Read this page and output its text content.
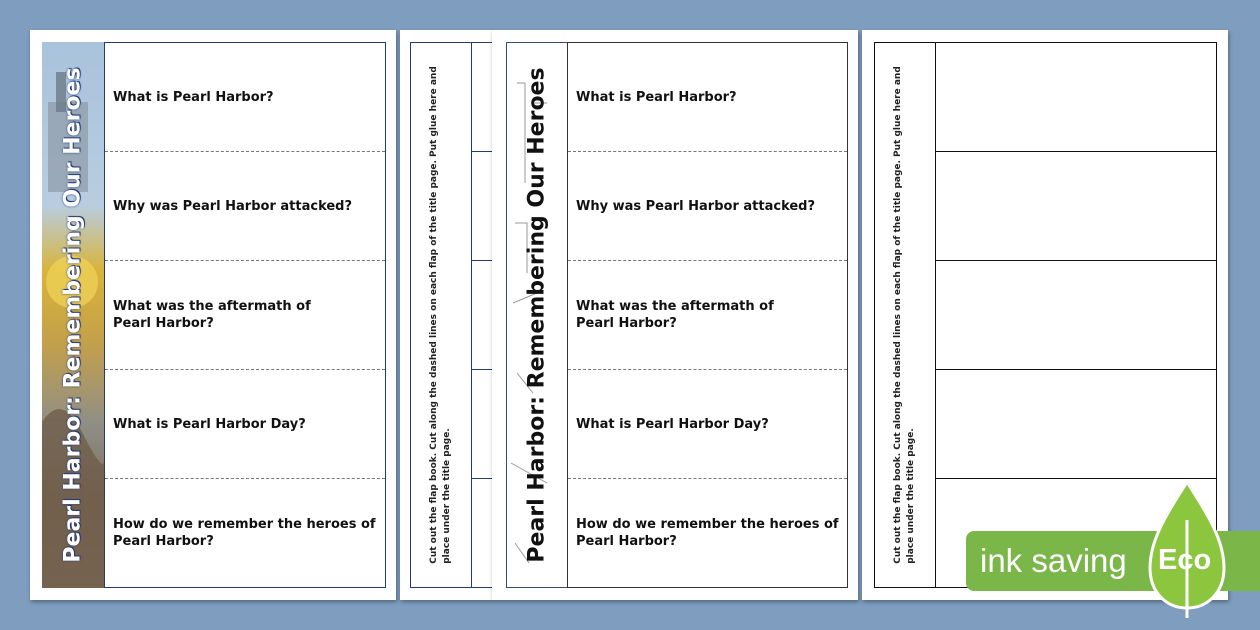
Pearl Harbor: Remembering Our Heroes What is Pearl Harbor?
Why was Pearl Harbor attacked?
What was the aftermath of Pearl Harbor?
What is Pearl Harbor Day?
How do we remember the heroes of Pearl Harbor?	Cut out the flap book. Cut along the dashed lines on each flap of the title page. Put glue here and place under the title page.	Pearl Harbor: Remembering Our Heroes What is Pearl Harbor?
Why was Pearl Harbor attacked?
What was the aftermath of Pearl Harbor?
What is Pearl Harbor Day?
How do we remember the heroes of Pearl Harbor?	Cut out the flap book. Cut along the dashed lines on each flap of the title page. Put glue here and place under the title page. ink saving Eco
